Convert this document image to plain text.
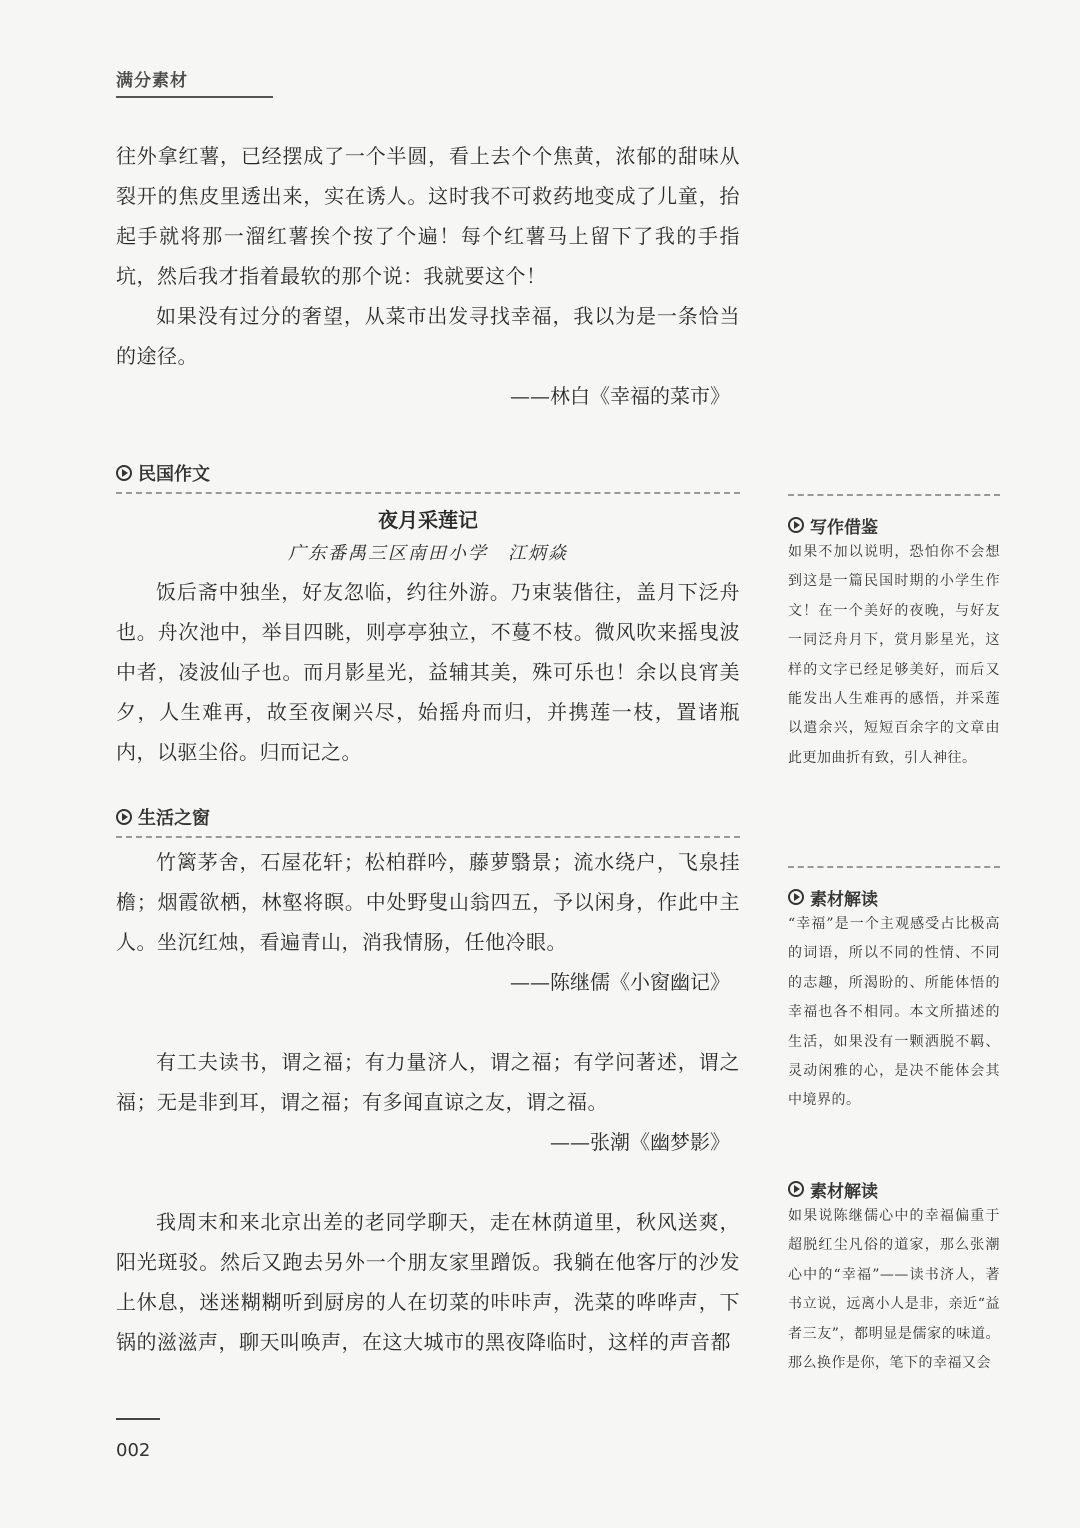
满分素材

往外拿红薯，已经摆成了一个半圆，看上去个个焦黄，浓郁的甜味从裂开的焦皮里透出来，实在诱人。这时我不可救药地变成了儿童，抬起手就将那一溜红薯挨个按了个遍！每个红薯马上留下了我的手指坑，然后我才指着最软的那个说：我就要这个！

如果没有过分的奢望，从菜市出发寻找幸福，我以为是一条恰当的途径。

——林白《幸福的菜市》

民国作文

夜月采莲记

广东番禺三区南田小学　江炳焱

饭后斋中独坐，好友忽临，约往外游。乃束装偕往，盖月下泛舟也。舟次池中，举目四眺，则亭亭独立，不蔓不枝。微风吹来摇曳波中者，凌波仙子也。而月影星光，益辅其美，殊可乐也！余以良宵美夕，人生难再，故至夜阑兴尽，始摇舟而归，并携莲一枝，置诸瓶内，以驱尘俗。归而记之。

生活之窗

竹篱茅舍，石屋花轩；松柏群吟，藤萝翳景；流水绕户，飞泉挂檐；烟霞欲栖，林壑将瞑。中处野叟山翁四五，予以闲身，作此中主人。坐沉红烛，看遍青山，消我情肠，任他冷眼。

——陈继儒《小窗幽记》

有工夫读书，谓之福；有力量济人，谓之福；有学问著述，谓之福；无是非到耳，谓之福；有多闻直谅之友，谓之福。

——张潮《幽梦影》

我周末和来北京出差的老同学聊天，走在林荫道里，秋风送爽，阳光斑驳。然后又跑去另外一个朋友家里蹭饭。我躺在他客厅的沙发上休息，迷迷糊糊听到厨房的人在切菜的咔咔声，洗菜的哗哗声，下锅的滋滋声，聊天叫唤声，在这大城市的黑夜降临时，这样的声音都

写作借鉴

如果不加以说明，恐怕你不会想到这是一篇民国时期的小学生作文！在一个美好的夜晚，与好友一同泛舟月下，赏月影星光，这样的文字已经足够美好，而后又能发出人生难再的感悟，并采莲以遣余兴，短短百余字的文章由此更加曲折有致，引人神往。

素材解读

“幸福”是一个主观感受占比极高的词语，所以不同的性情、不同的志趣，所渴盼的、所能体悟的幸福也各不相同。本文所描述的生活，如果没有一颗洒脱不羁、灵动闲雅的心，是决不能体会其中境界的。

素材解读

如果说陈继儒心中的幸福偏重于超脱红尘凡俗的道家，那么张潮心中的“幸福”——读书济人，著书立说，远离小人是非，亲近“益者三友”，都明显是儒家的味道。那么换作是你，笔下的幸福又会

002
